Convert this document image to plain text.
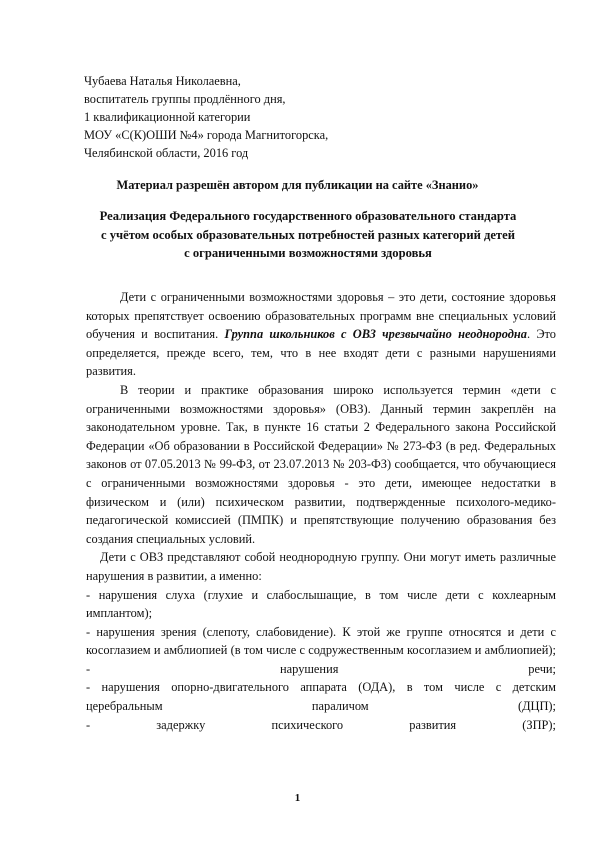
Чубаева Наталья Николаевна,
воспитатель группы продлённого дня,
1 квалификационной категории
МОУ «С(К)ОШИ №4» города Магнитогорска,
Челябинской области, 2016 год
Материал разрешён автором для публикации на сайте «Знанио»
Реализация Федерального государственного образовательного стандарта
с учётом особых образовательных потребностей разных категорий детей
с ограниченными возможностями здоровья

Дети с ограниченными возможностями здоровья – это дети, состояние здоровья которых препятствует освоению образовательных программ вне специальных условий обучения и воспитания. Группа школьников с ОВЗ чрезвычайно неоднородна. Это определяется, прежде всего, тем, что в нее входят дети с разными нарушениями развития.

В теории и практике образования широко используется термин «дети с ограниченными возможностями здоровья» (ОВЗ). Данный термин закреплён на законодательном уровне. Так, в пункте 16 статьи 2 Федерального закона Российской Федерации «Об образовании в Российской Федерации» № 273-ФЗ (в ред. Федеральных законов от 07.05.2013 № 99-ФЗ, от 23.07.2013 № 203-ФЗ) сообщается, что обучающиеся с ограниченными возможностями здоровья - это дети, имеющее недостатки в физическом и (или) психическом развитии, подтвержденные психолого-медико-педагогической комиссией (ПМПК) и препятствующие получению образования без создания специальных условий.

Дети с ОВЗ представляют собой неоднородную группу. Они могут иметь различные нарушения в развитии, а именно:

- нарушения слуха (глухие и слабослышащие, в том числе дети с кохлеарным имплантом);

- нарушения зрения (слепоту, слабовидение). К этой же группе относятся и дети с косоглазием и амблиопией (в том числе с содружественным косоглазием и амблиопией);

- нарушения речи;

- нарушения опорно-двигательного аппарата (ОДА), в том числе с детским церебральным параличом (ДЦП);

- задержку психического развития (ЗПР);

1
